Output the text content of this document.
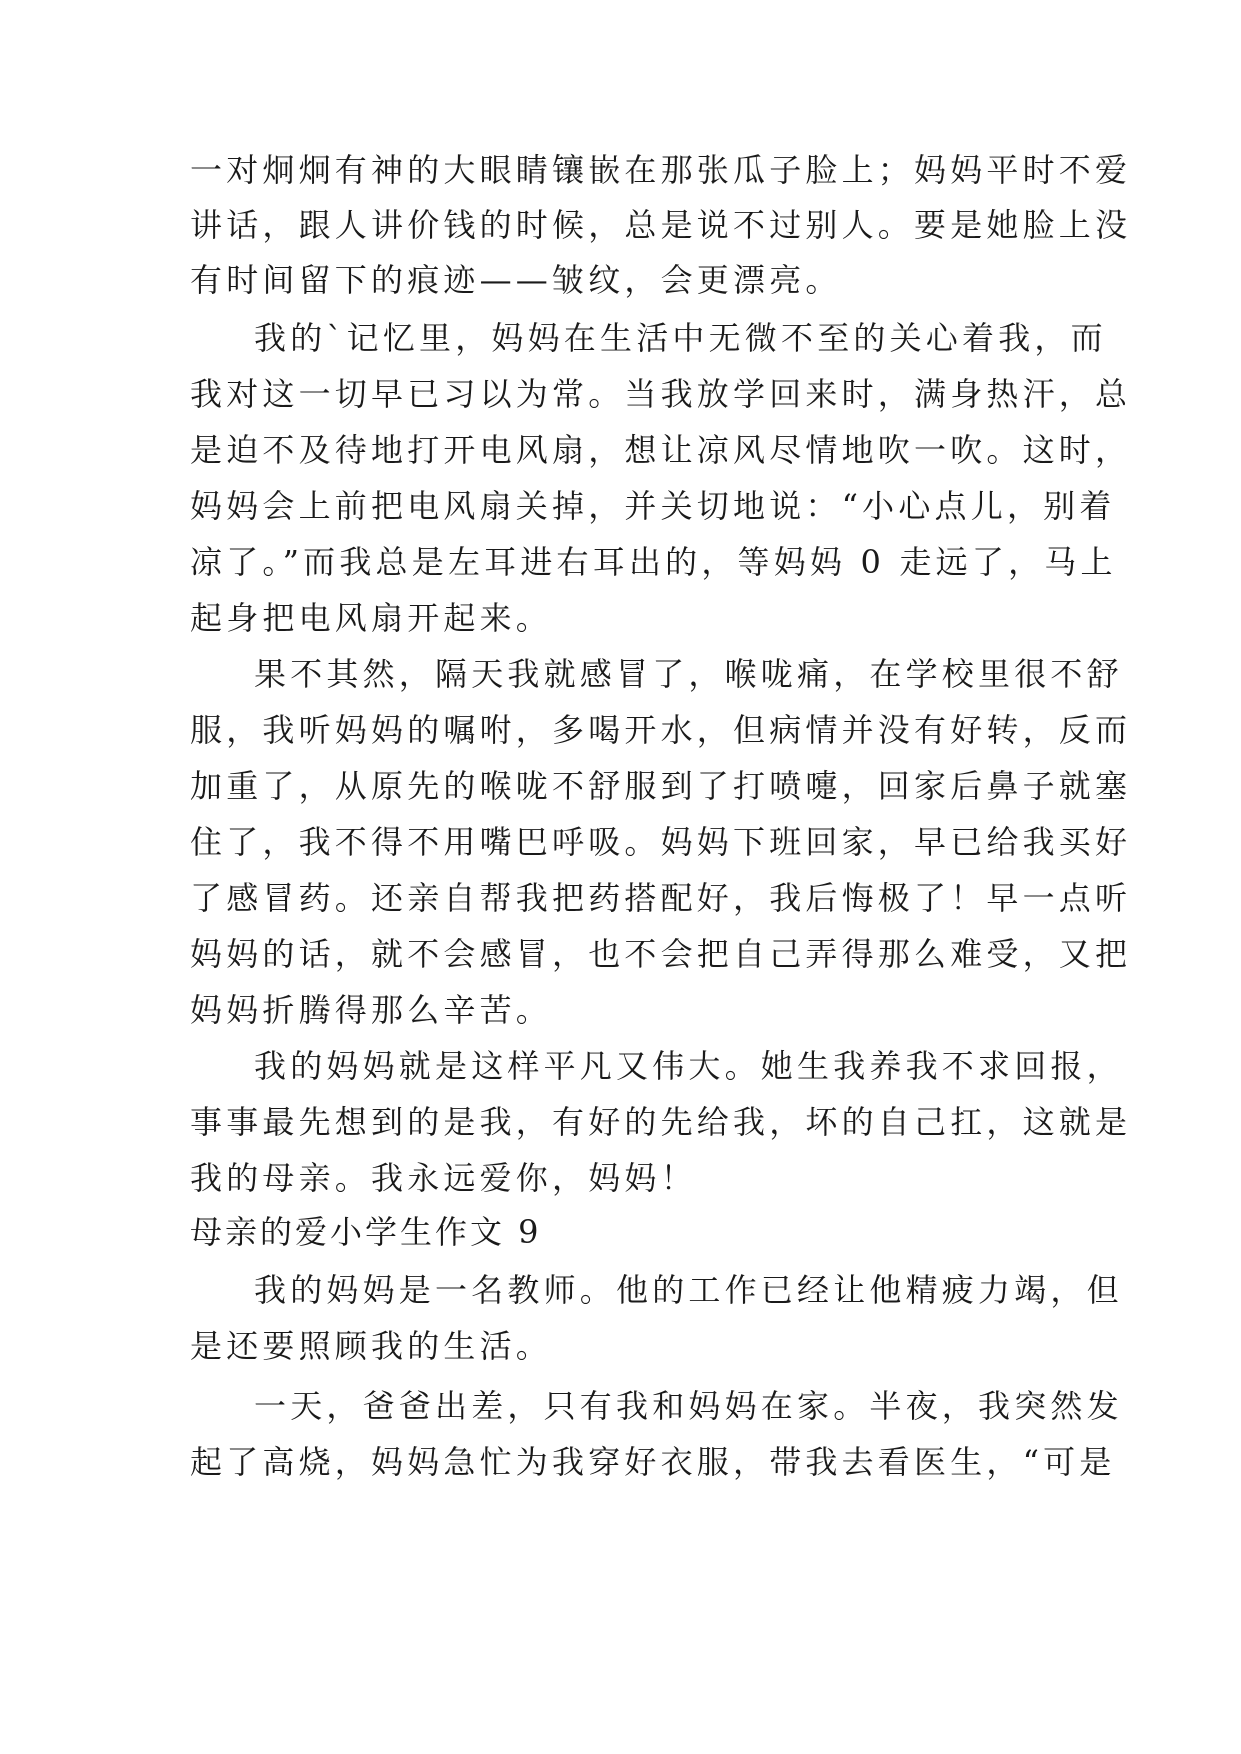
一对炯炯有神的大眼睛镶嵌在那张瓜子脸上；妈妈平时不爱
讲话，跟人讲价钱的时候，总是说不过别人。要是她脸上没
有时间留下的痕迹——皱纹，会更漂亮。
我的`记忆里，妈妈在生活中无微不至的关心着我，而
我对这一切早已习以为常。当我放学回来时，满身热汗，总
是迫不及待地打开电风扇，想让凉风尽情地吹一吹。这时，
妈妈会上前把电风扇关掉，并关切地说：“小心点儿，别着
凉了。”而我总是左耳进右耳出的，等妈妈 0 走远了，马上
起身把电风扇开起来。
果不其然，隔天我就感冒了，喉咙痛，在学校里很不舒
服，我听妈妈的嘱咐，多喝开水，但病情并没有好转，反而
加重了，从原先的喉咙不舒服到了打喷嚏，回家后鼻子就塞
住了，我不得不用嘴巴呼吸。妈妈下班回家，早已给我买好
了感冒药。还亲自帮我把药搭配好，我后悔极了！早一点听
妈妈的话，就不会感冒，也不会把自己弄得那么难受，又把
妈妈折腾得那么辛苦。
我的妈妈就是这样平凡又伟大。她生我养我不求回报，
事事最先想到的是我，有好的先给我，坏的自己扛，这就是
我的母亲。我永远爱你，妈妈！
母亲的爱小学生作文 9
我的妈妈是一名教师。他的工作已经让他精疲力竭，但
是还要照顾我的生活。
一天，爸爸出差，只有我和妈妈在家。半夜，我突然发
起了高烧，妈妈急忙为我穿好衣服，带我去看医生，“可是
